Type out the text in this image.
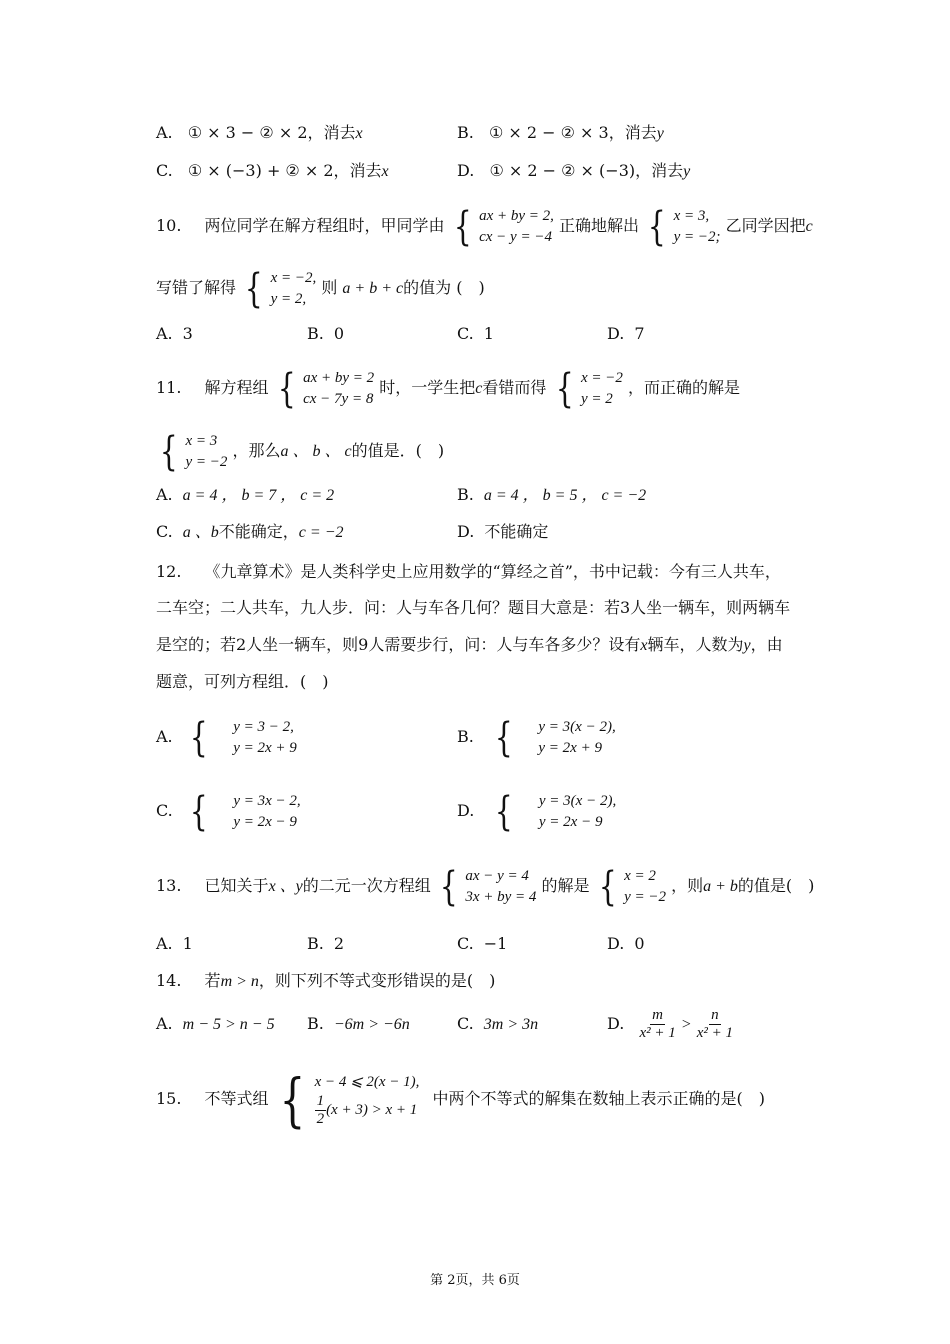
A. ① × 3 − ② × 2，消去x	B. ① × 2 − ② × 3，消去y
C. ① × (−3) + ② × 2，消去x	D. ① × 2 − ② × (−3)，消去y
10. 两位同学在解方程组时，甲同学由 { ax + by = 2,
cx − y = −4
正确地解出 { x = 3,
y = −2;
乙同学因把c
写错了解得 { x = −2,
y = 2,
则 a + b + c的值为 (　)
A. 3	B. 0	C. 1	D. 7
11. 解方程组 { ax + by = 2
cx − 7y = 8
时，一学生把c看错而得 { x = −2
y = 2
，而正确的解是
{ x = 3
y = −2
，那么a 、 b 、 c的值是．(　)
A. a = 4 ， b = 7 ， c = 2	B. a = 4 ， b = 5 ， c = −2
C. a 、b不能确定，c = −2	D. 不能确定
12. 《九章算术》是人类科学史上应用数学的“算经之首”，书中记载：今有三人共车，
二车空；二人共车，九人步．问：人与车各几何？题目大意是：若3人坐一辆车，则两辆车
是空的；若2人坐一辆车，则9人需要步行，问：人与车各多少？设有x辆车，人数为y，由
题意，可列方程组．(　)
A. { y = 3 − 2,
y = 2x + 9
B. { y = 3(x − 2),
y = 2x + 9
C. { y = 3x − 2,
y = 2x − 9
D. { y = 3(x − 2),
y = 2x − 9
13. 已知关于x 、y的二元一次方程组 { ax − y = 4
3x + by = 4
的解是 { x = 2
y = −2
，则a + b的值是(　)
A. 1	B. 2	C. −1	D. 0
14. 若m > n，则下列不等式变形错误的是(　)
A. m − 5 > n − 5 B. −6m > −6n	C. 3m > 3n	D. $\frac{m}{\text{x² + 1}} > \frac{n}{\text{x² + 1}}$
15. 不等式组 { x − 4 ⩽ 2(x − 1),
$\frac{1}{2} (x + 3) > x + 1$
中两个不等式的解集在数轴上表示正确的是(　)
第 2页，共 6页
